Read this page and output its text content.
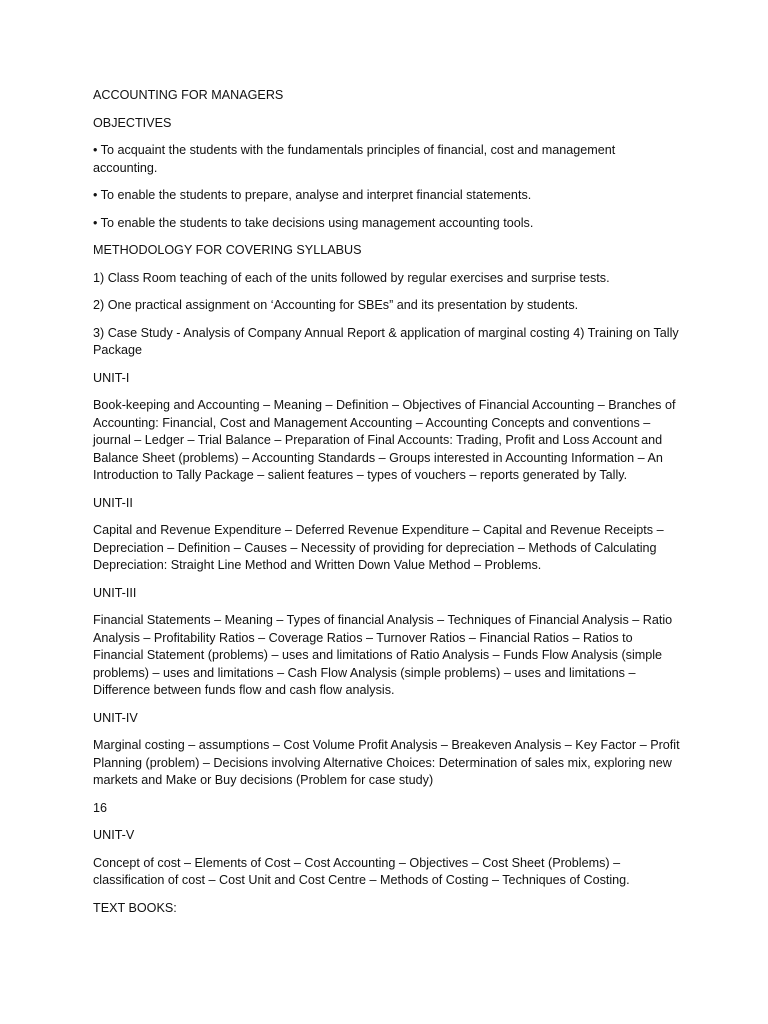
ACCOUNTING FOR MANAGERS

OBJECTIVES

• To acquaint the students with the fundamentals principles of financial, cost and management accounting.

• To enable the students to prepare, analyse and interpret financial statements.

• To enable the students to take decisions using management accounting tools.

METHODOLOGY FOR COVERING SYLLABUS

1) Class Room teaching of each of the units followed by regular exercises and surprise tests.

2) One practical assignment on ‘Accounting for SBEs” and its presentation by students.

3) Case Study - Analysis of Company Annual Report & application of marginal costing 4) Training on Tally Package

UNIT-I

Book-keeping and Accounting – Meaning – Definition – Objectives of Financial Accounting – Branches of Accounting: Financial, Cost and Management Accounting – Accounting Concepts and conventions – journal – Ledger – Trial Balance – Preparation of Final Accounts: Trading, Profit and Loss Account and Balance Sheet (problems) – Accounting Standards – Groups interested in Accounting Information – An Introduction to Tally Package – salient features – types of vouchers – reports generated by Tally.

UNIT-II

Capital and Revenue Expenditure – Deferred Revenue Expenditure – Capital and Revenue Receipts – Depreciation – Definition – Causes – Necessity of providing for depreciation – Methods of Calculating Depreciation: Straight Line Method and Written Down Value Method – Problems.

UNIT-III

Financial Statements – Meaning – Types of financial Analysis – Techniques of Financial Analysis – Ratio Analysis – Profitability Ratios – Coverage Ratios – Turnover Ratios – Financial Ratios – Ratios to Financial Statement (problems) – uses and limitations of Ratio Analysis – Funds Flow Analysis (simple problems) – uses and limitations – Cash Flow Analysis (simple problems) – uses and limitations – Difference between funds flow and cash flow analysis.

UNIT-IV

Marginal costing – assumptions – Cost Volume Profit Analysis – Breakeven Analysis – Key Factor – Profit Planning (problem) – Decisions involving Alternative Choices: Determination of sales mix, exploring new markets and Make or Buy decisions (Problem for case study)

16

UNIT-V

Concept of cost – Elements of Cost – Cost Accounting – Objectives – Cost Sheet (Problems) – classification of cost – Cost Unit and Cost Centre – Methods of Costing – Techniques of Costing.

TEXT BOOKS:
